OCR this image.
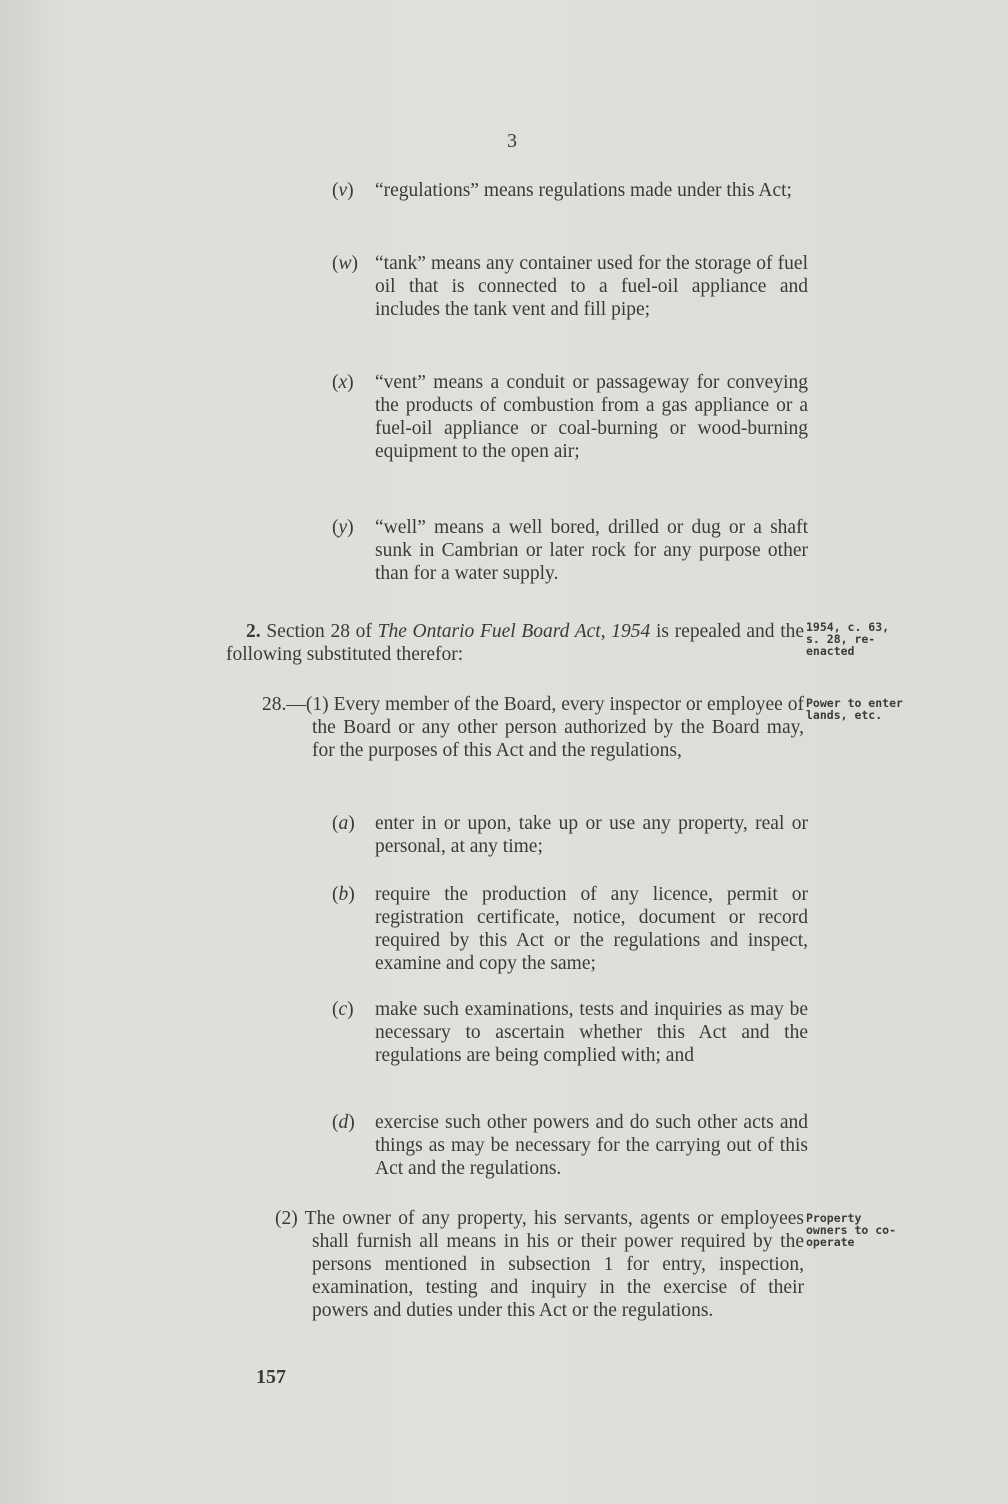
3
(v)	“regulations” means regulations made under this Act;
(w) “tank” means any container used for the storage of fuel oil that is connected to a fuel-oil appliance and includes the tank vent and fill pipe;
(x)	“vent” means a conduit or passageway for conveying the products of combustion from a gas appliance or a fuel-oil appliance or coal-burning or wood-burning equipment to the open air;
(y)	“well” means a well bored, drilled or dug or a shaft sunk in Cambrian or later rock for any purpose other than for a water supply.
2. Section 28 of The Ontario Fuel Board Act, 1954 is repealed and the following substituted therefor:
1954, c. 63, s. 28, re-enacted
28.—(1) Every member of the Board, every inspector or employee of the Board or any other person authorized by the Board may, for the purposes of this Act and the regulations,
Power to enter lands, etc.
(a)	enter in or upon, take up or use any property, real or personal, at any time;
(b)	require the production of any licence, permit or registration certificate, notice, document or record required by this Act or the regulations and inspect, examine and copy the same;
(c)	make such examinations, tests and inquiries as may be necessary to ascertain whether this Act and the regulations are being complied with; and
(d)	exercise such other powers and do such other acts and things as may be necessary for the carrying out of this Act and the regulations.
(2) The owner of any property, his servants, agents or employees shall furnish all means in his or their power required by the persons mentioned in subsection 1 for entry, inspection, examination, testing and inquiry in the exercise of their powers and duties under this Act or the regulations.
Property owners to co-operate
157
